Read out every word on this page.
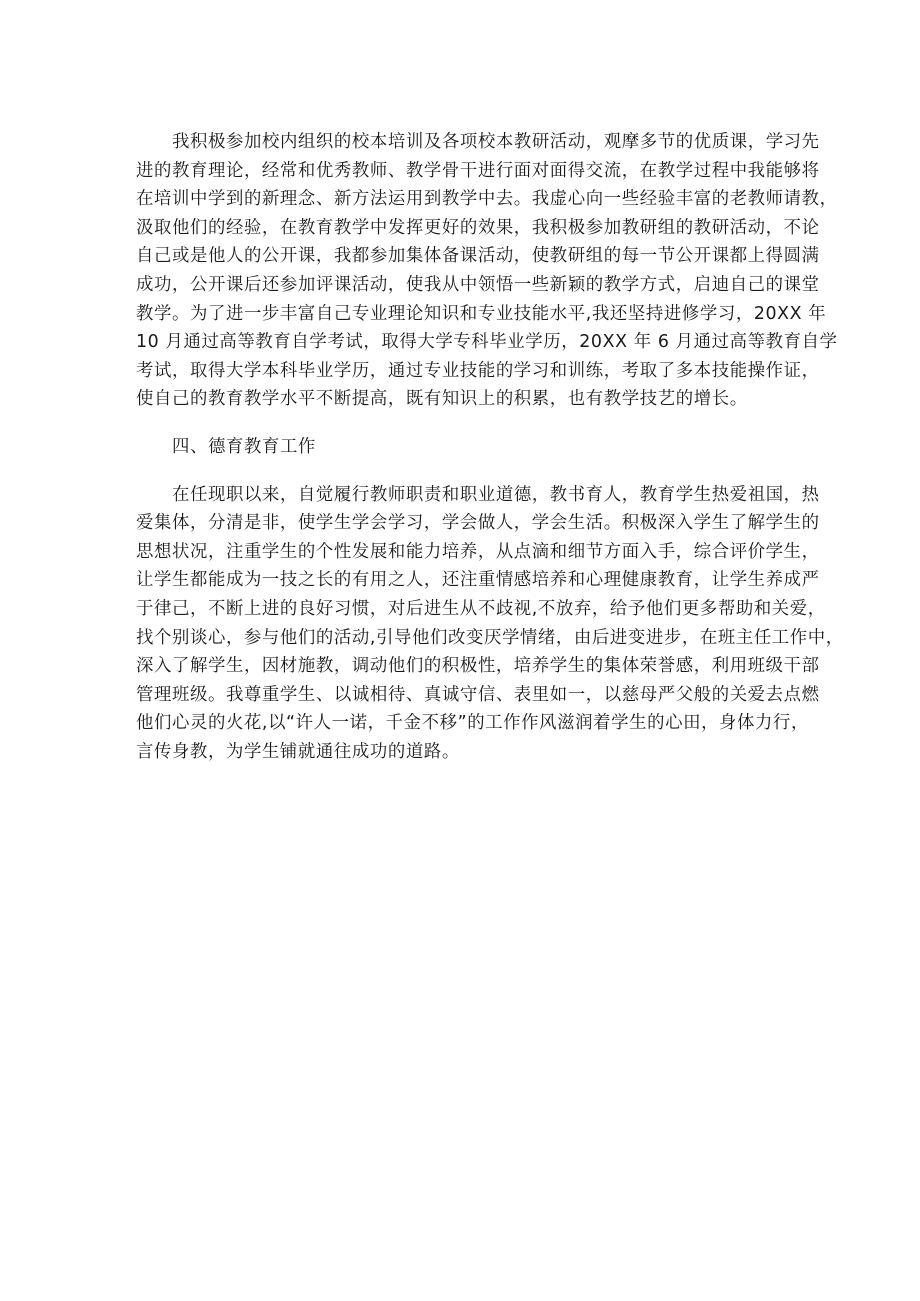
我积极参加校内组织的校本培训及各项校本教研活动，观摩多节的优质课，学习先
进的教育理论，经常和优秀教师、教学骨干进行面对面得交流，在教学过程中我能够将
在培训中学到的新理念、新方法运用到教学中去。我虚心向一些经验丰富的老教师请教，
汲取他们的经验，在教育教学中发挥更好的效果，我积极参加教研组的教研活动，不论
自己或是他人的公开课，我都参加集体备课活动，使教研组的每一节公开课都上得圆满
成功，公开课后还参加评课活动，使我从中领悟一些新颖的教学方式，启迪自己的课堂
教学。为了进一步丰富自己专业理论知识和专业技能水平,我还坚持进修学习，20XX 年
10 月通过高等教育自学考试，取得大学专科毕业学历，20XX 年 6 月通过高等教育自学
考试，取得大学本科毕业学历，通过专业技能的学习和训练，考取了多本技能操作证，
使自己的教育教学水平不断提高，既有知识上的积累，也有教学技艺的增长。
四、德育教育工作
在任现职以来，自觉履行教师职责和职业道德，教书育人，教育学生热爱祖国，热
爱集体，分清是非，使学生学会学习，学会做人，学会生活。积极深入学生了解学生的
思想状况，注重学生的个性发展和能力培养，从点滴和细节方面入手，综合评价学生，
让学生都能成为一技之长的有用之人，还注重情感培养和心理健康教育，让学生养成严
于律己，不断上进的良好习惯，对后进生从不歧视,不放弃，给予他们更多帮助和关爱，
找个别谈心，参与他们的活动,引导他们改变厌学情绪，由后进变进步，在班主任工作中，
深入了解学生，因材施教，调动他们的积极性，培养学生的集体荣誉感，利用班级干部
管理班级。我尊重学生、以诚相待、真诚守信、表里如一，以慈母严父般的关爱去点燃
他们心灵的火花,以“许人一诺，千金不移”的工作作风滋润着学生的心田，身体力行，
言传身教，为学生铺就通往成功的道路。
